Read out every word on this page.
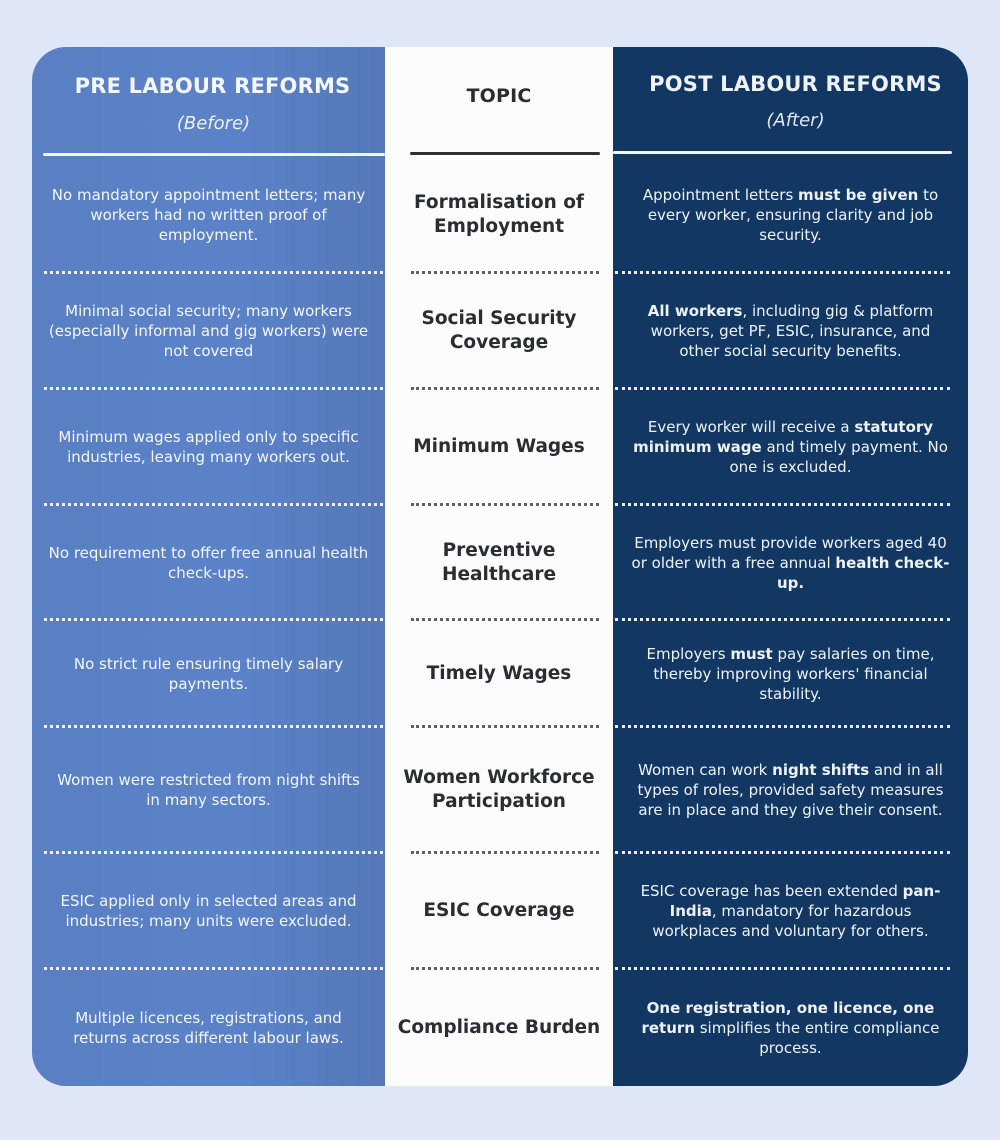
PRE LABOUR REFORMS
(Before)
No mandatory appointment letters; many workers had no written proof of employment.
Minimal social security; many workers (especially informal and gig workers) were not covered
Minimum wages applied only to specific industries, leaving many workers out.
No requirement to offer free annual health check-ups.
No strict rule ensuring timely salary payments.
Women were restricted from night shifts in many sectors.
ESIC applied only in selected areas and industries; many units were excluded.
Multiple licences, registrations, and returns across different labour laws.
TOPIC
Formalisation of Employment
Social Security Coverage
Minimum Wages
Preventive Healthcare
Timely Wages
Women Workforce Participation
ESIC Coverage
Compliance Burden
POST LABOUR REFORMS
(After)
Appointment letters must be given to every worker, ensuring clarity and job security.
All workers, including gig & platform workers, get PF, ESIC, insurance, and other social security benefits.
Every worker will receive a statutory minimum wage and timely payment. No one is excluded.
Employers must provide workers aged 40 or older with a free annual health check-up.
Employers must pay salaries on time, thereby improving workers' financial stability.
Women can work night shifts and in all types of roles, provided safety measures are in place and they give their consent.
ESIC coverage has been extended pan-India, mandatory for hazardous workplaces and voluntary for others.
One registration, one licence, one return simplifies the entire compliance process.
